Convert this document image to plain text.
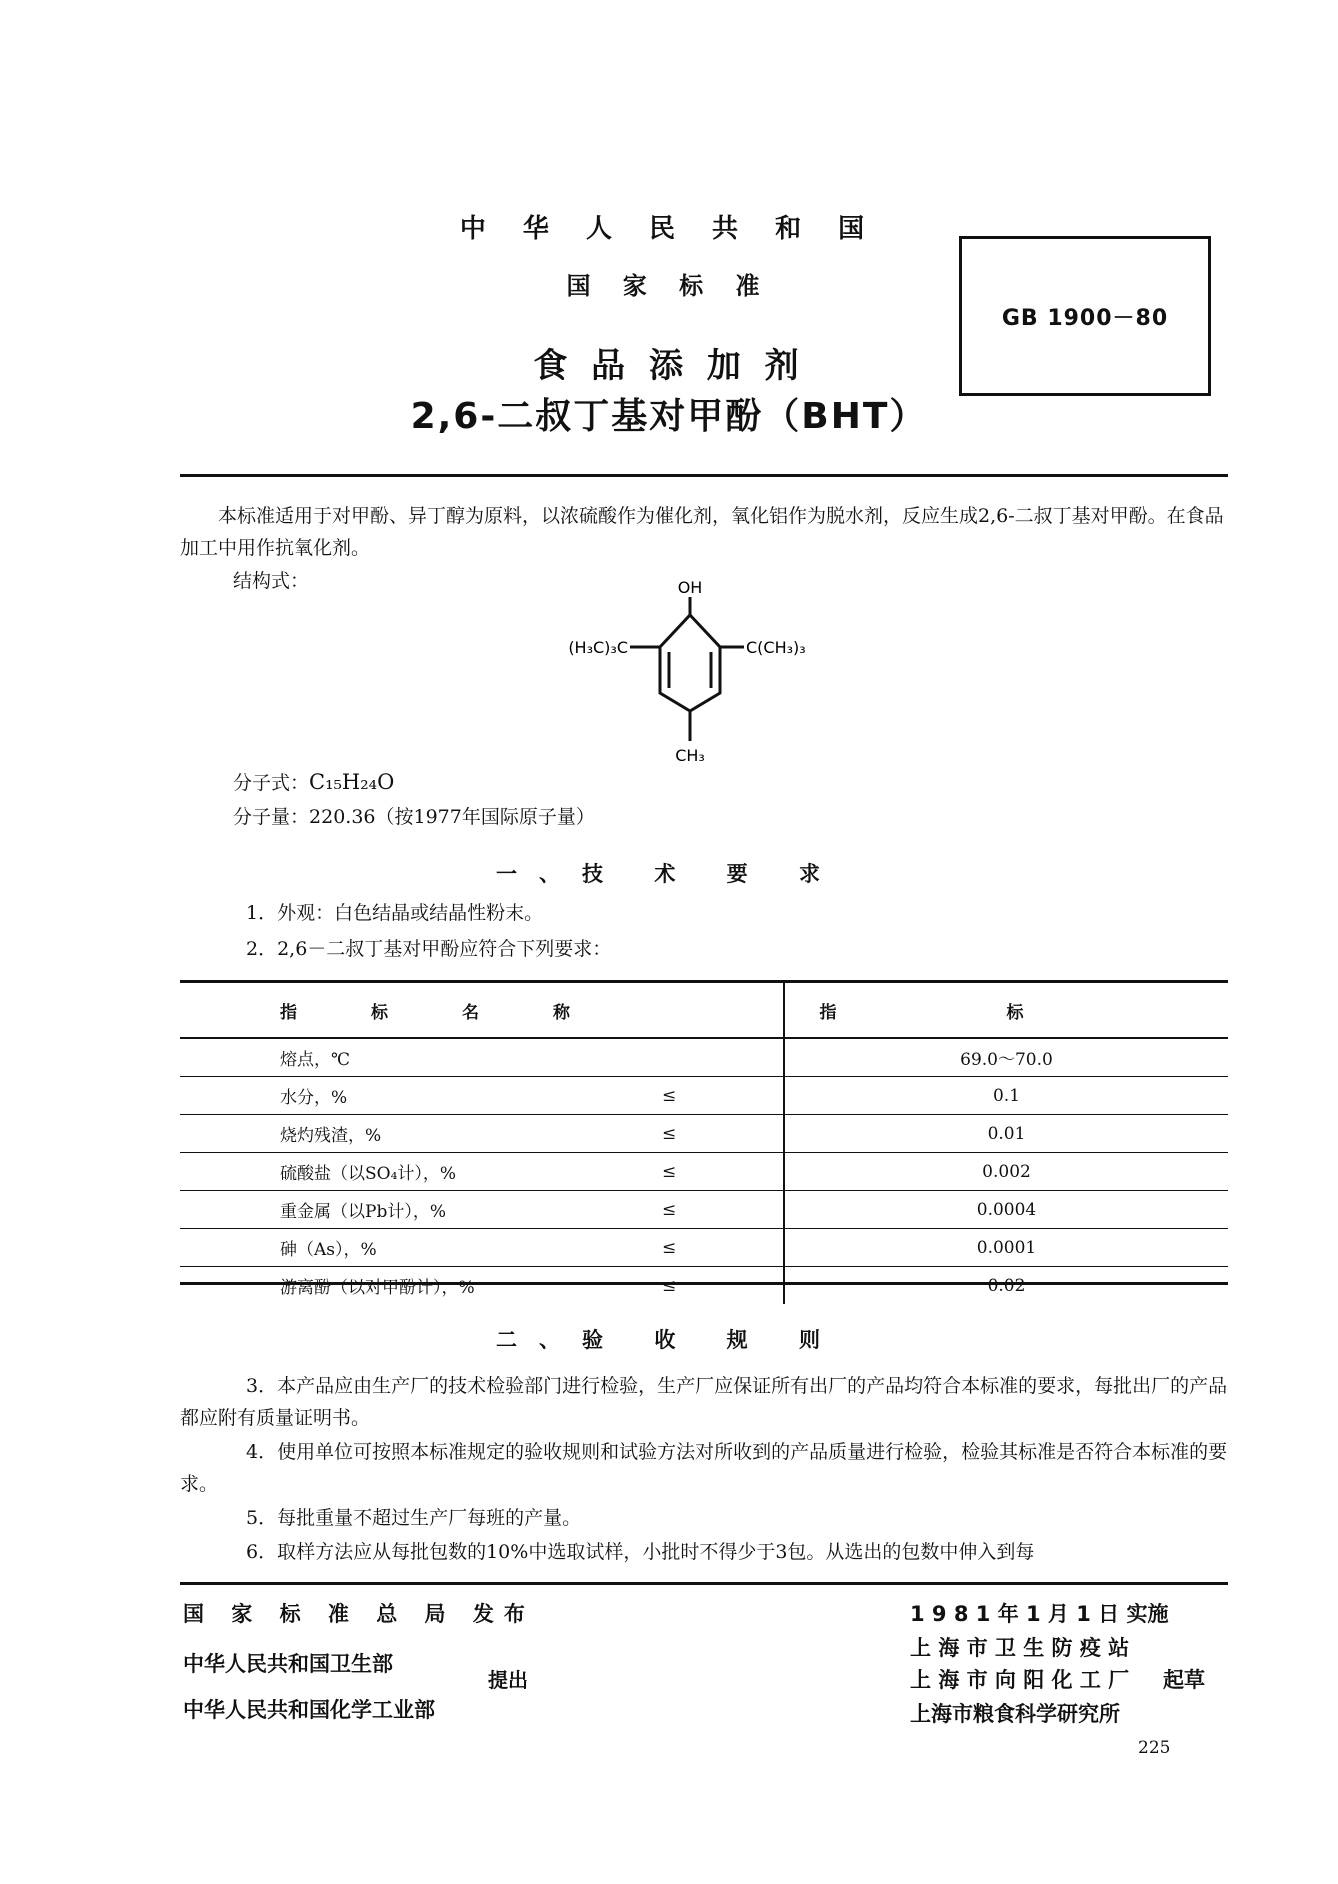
中 华 人 民 共 和 国
国 家 标 准
食 品 添 加 剂
2,6-二叔丁基对甲酚（BHT）
GB 1900－80
本标准适用于对甲酚、异丁醇为原料，以浓硫酸作为催化剂，氧化铝作为脱水剂，反应生成2,6-二叔丁基对甲酚。在食品加工中用作抗氧化剂。
结构式：	OH
(H₃C)₃C	C(CH₃)₃
CH₃
分子式：C₁₅H₂₄O
分子量：220.36（按1977年国际原子量）
一、技 术 要 求
1．外观：白色结晶或结晶性粉末。
2．2,6－二叔丁基对甲酚应符合下列要求：
指标名称		指标
熔点，℃		69.0～70.0
水分，%	≤	0.1
烧灼残渣，%	≤	0.01
硫酸盐（以SO₄计），%	≤	0.002
重金属（以Pb计），%	≤	0.0004
砷（As），%	≤	0.0001
游离酚（以对甲酚计），%	≤	0.02
二、验 收 规 则
3．本产品应由生产厂的技术检验部门进行检验，生产厂应保证所有出厂的产品均符合本标准的要求，每批出厂的产品都应附有质量证明书。
4．使用单位可按照本标准规定的验收规则和试验方法对所收到的产品质量进行检验，检验其标准是否符合本标准的要求。
5．每批重量不超过生产厂每班的产量。
6．取样方法应从每批包数的10%中选取试样，小批时不得少于3包。从选出的包数中伸入到每
国 家 标 准 总 局 发布
中华人民共和国卫生部
中华人民共和国化学工业部
提出
1 9 8 1 年 1 月 1 日 实施
上 海 市 卫 生 防 疫 站
上 海 市 向 阳 化 工 厂 起草
上海市粮食科学研究所
225
